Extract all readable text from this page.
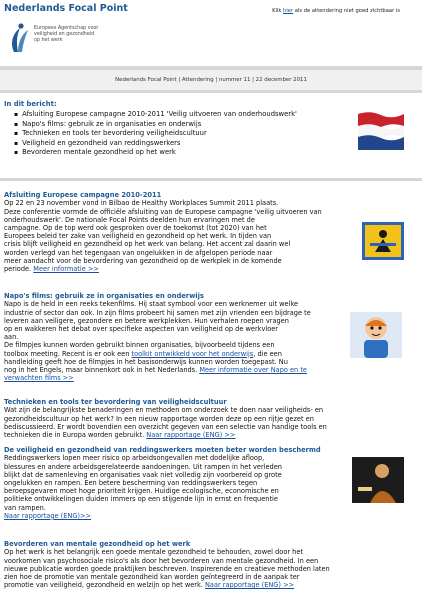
Nederlands Focal Point	Klik hier als de attendering niet goed zichtbaar is
Europees Agentschap voor
veiligheid en gezondheid
op het werk
Nederlands Focal Point | Attendering | nummer 11 | 22 december 2011
In dit bericht:
▪ Afsluiting Europese campagne 2010-2011 'Veilig uitvoeren van onderhoudswerk'
▪ Napo's films: gebruik ze in organisaties en onderwijs
▪ Technieken en tools ter bevordering veiligheidscultuur
▪ Veiligheid en gezondheid van reddingswerkers
▪ Bevorderen mentale gezondheid op het werk
Afsluiting Europese campagne 2010-2011
Op 22 en 23 november vond in Bilbao de Healthy Workplaces Summit 2011 plaats.
Deze conferentie vormde de officiële afsluiting van de Europese campagne 'veilig uitvoeren van
onderhoudswerk'. De nationale Focal Points deelden hun ervaringen met de
campagne. Op de top werd ook gesproken over de toekomst (tot 2020) van het
Europees beleid ter zake van veiligheid en gezondheid op het werk. In tijden van
crisis blijft veiligheid en gezondheid op het werk van belang. Het accent zal daarin wel
worden verlegd van het tegengaan van ongelukken in de afgelopen periode naar
meer aandacht voor de bevordering van gezondheid op de werkplek in de komende
periode. Meer informatie >>
Napo's films: gebruik ze in organisaties en onderwijs
Napo is de held in een reeks tekenfilms. Hij staat symbool voor een werknemer uit welke
industrie of sector dan ook. In zijn films probeert hij samen met zijn vrienden een bijdrage te
leveren aan veiligere, gezondere en betere werkplekken. Hun verhalen roepen vragen
op en wakkeren het debat over specifieke aspecten van veiligheid op de werkvloer
aan.
De filmpjes kunnen worden gebruikt binnen organisaties, bijvoorbeeld tijdens een
toolbox meeting. Recent is er ook een toolkit ontwikkeld voor het onderwijs, die een
handleiding geeft hoe de filmpjes in het basisonderwijs kunnen worden toegepast. Nu
nog in het Engels, maar binnenkort ook in het Nederlands. Meer informatie over Napo en te
verwachten films >>
Technieken en tools ter bevordering van veiligheidscultuur
Wat zijn de belangrijkste benaderingen en methoden om onderzoek te doen naar veiligheids- en
gezondheidscultuur op het werk? In een nieuw rapportage worden deze op een rijtje gezet en
bediscussieerd. Er wordt bovendien een overzicht gegeven van een selectie van handige tools en
technieken die in Europa worden gebruikt. Naar rapportage (ENG) >>
De veiligheid en gezondheid van reddingswerkers moeten beter worden beschermd
Reddingswerkers lopen meer risico op arbeidsongevallen met dodelijke afloop,
blessures en andere arbeidsgerelateerde aandoeningen. Uit rampen in het verleden
blijkt dat de samenleving en organisaties vaak niet volledig zijn voorbereid op grote
ongelukken en rampen. Een betere bescherming van reddingswerkers tegen
beroepsgevaren moet hoge prioriteit krijgen. Huidige ecologische, economische en
politieke ontwikkelingen duiden immers op een stijgende lijn in ernst en frequentie
van rampen.
Naar rapportage (ENG)>>
Bevorderen van mentale gezondheid op het werk
Op het werk is het belangrijk een goede mentale gezondheid te behouden, zowel door het
voorkomen van psychosociale risico's als door het bevorderen van mentale gezondheid. In een
nieuwe publicatie worden goede praktijken beschreven. Inspirerende en creatieve methoden laten
zien hoe de promotie van mentale gezondheid kan worden geïntegreerd in de aanpak ter
promotie van veiligheid, gezondheid en welzijn op het werk. Naar rapportage (ENG) >>
